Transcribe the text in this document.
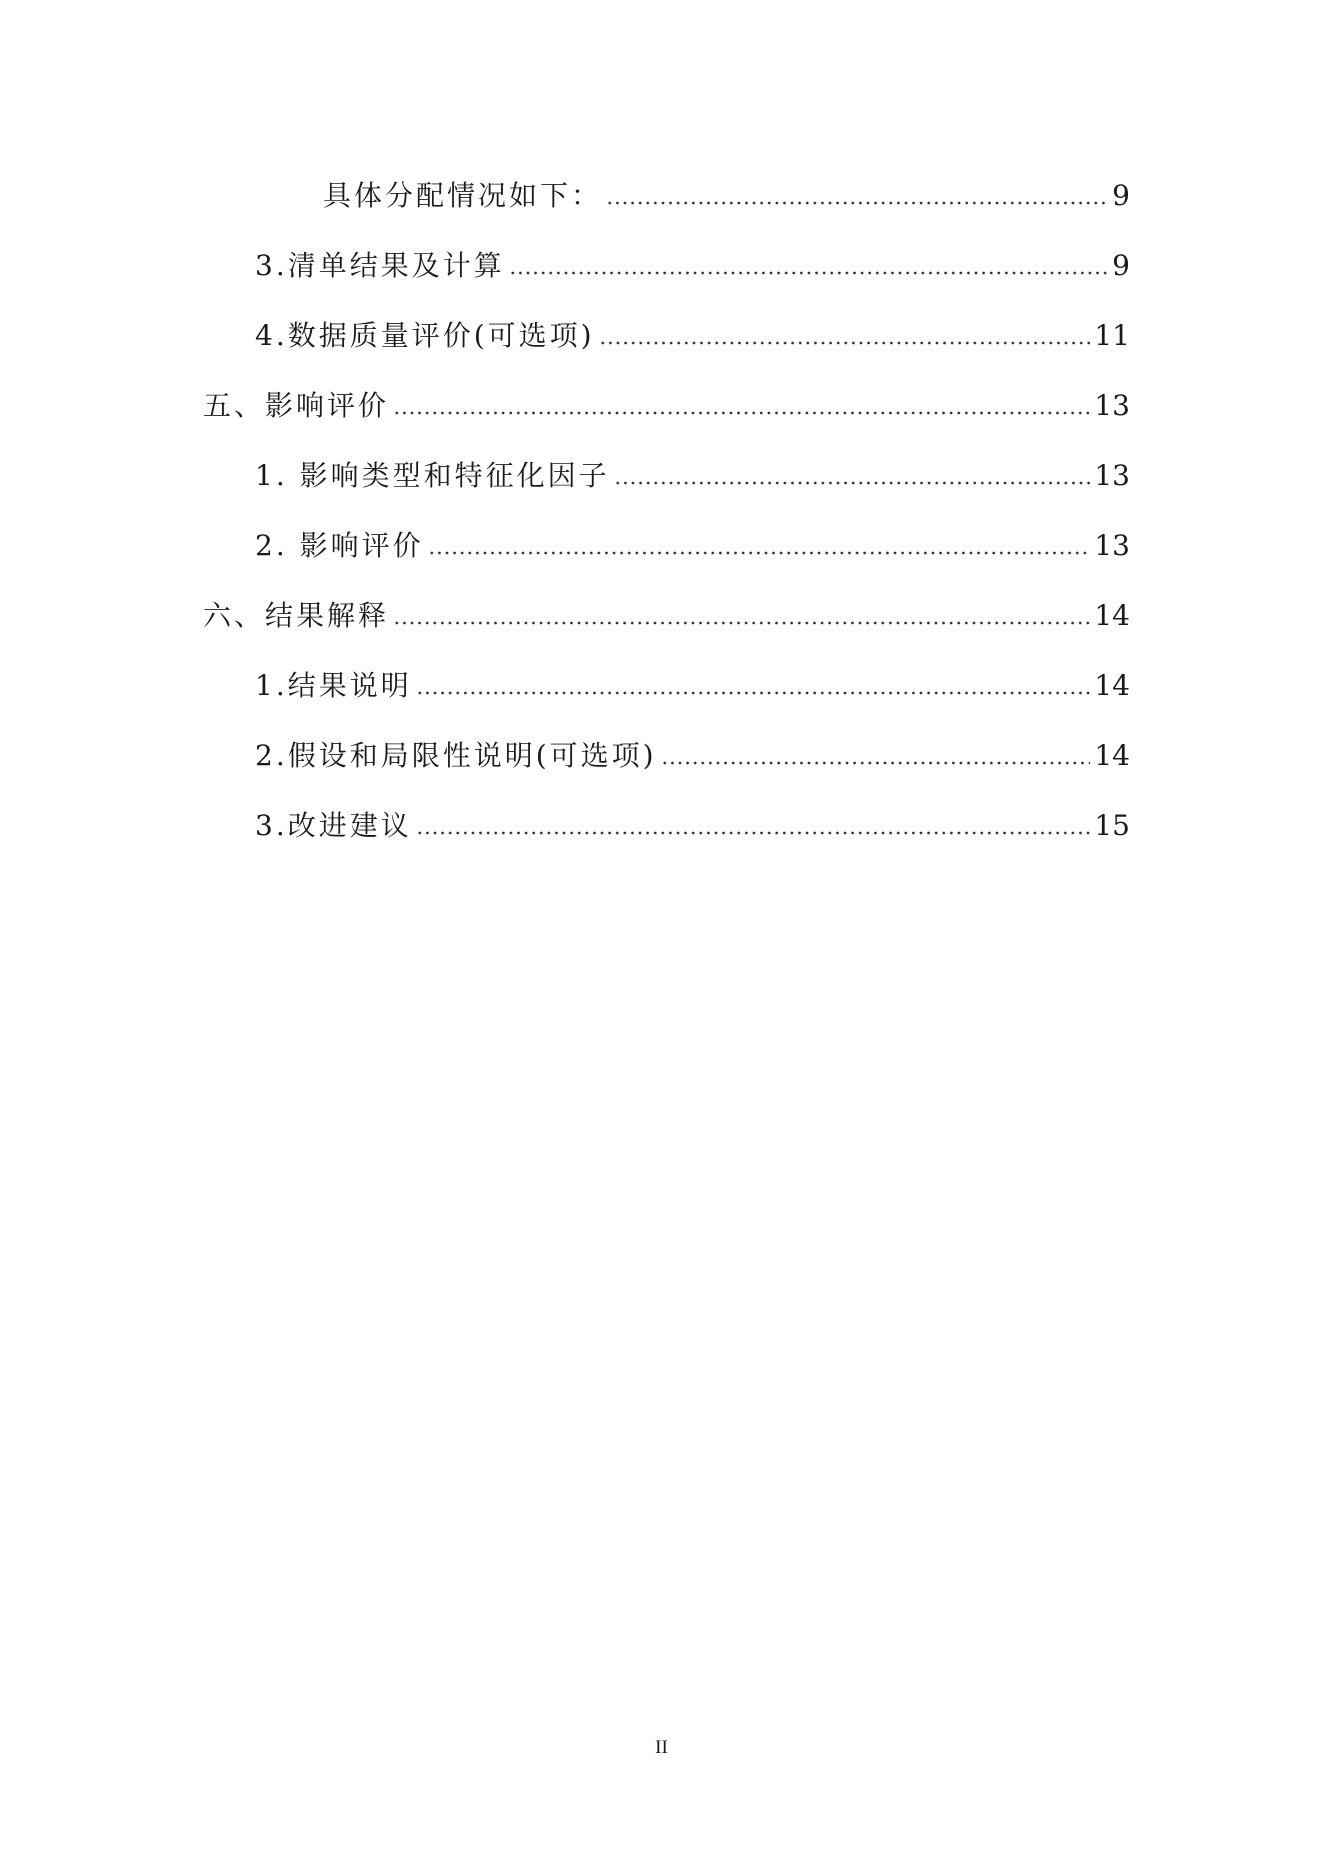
具体分配情况如下：	9
3.清单结果及计算	9
4.数据质量评价(可选项)	11
五、影响评价	13
1. 影响类型和特征化因子	13
2. 影响评价	13
六、结果解释	14
1.结果说明	14
2.假设和局限性说明(可选项)	14
3.改进建议	15
II
